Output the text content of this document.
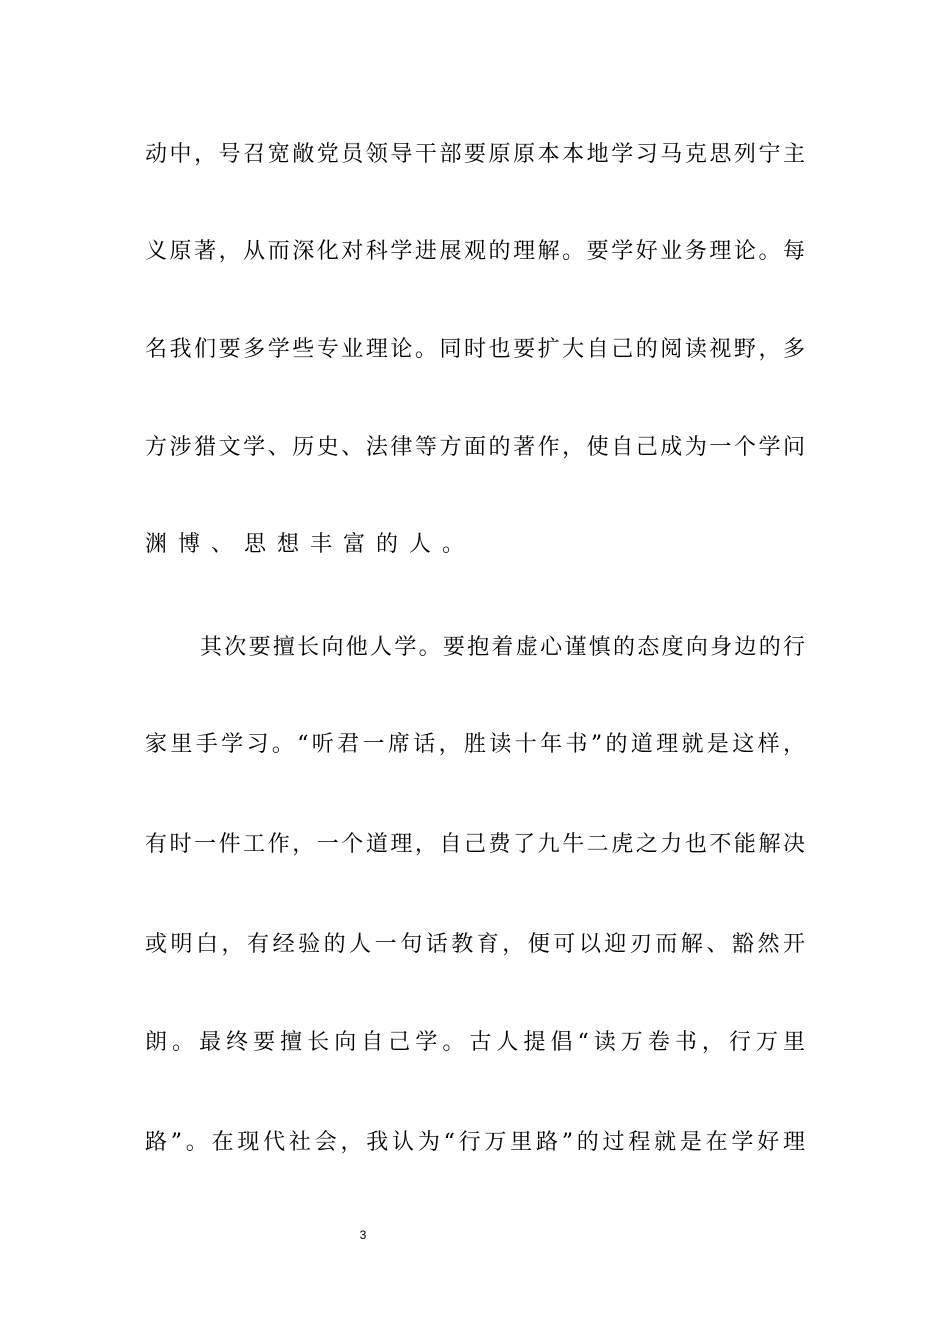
动中，号召宽敞党员领导干部要原原本本地学习马克思列宁主
义原著，从而深化对科学进展观的理解。要学好业务理论。每
名我们要多学些专业理论。同时也要扩大自己的阅读视野，多
方涉猎文学、历史、法律等方面的著作，使自己成为一个学问
渊博、思想丰富的人。
其次要擅长向他人学。要抱着虚心谨慎的态度向身边的行
家里手学习。“听君一席话，胜读十年书”的道理就是这样，
有时一件工作，一个道理，自己费了九牛二虎之力也不能解决
或明白，有经验的人一句话教育，便可以迎刃而解、豁然开
朗。最终要擅长向自己学。古人提倡“读万卷书，行万里
路”。在现代社会，我认为“行万里路”的过程就是在学好理
3
